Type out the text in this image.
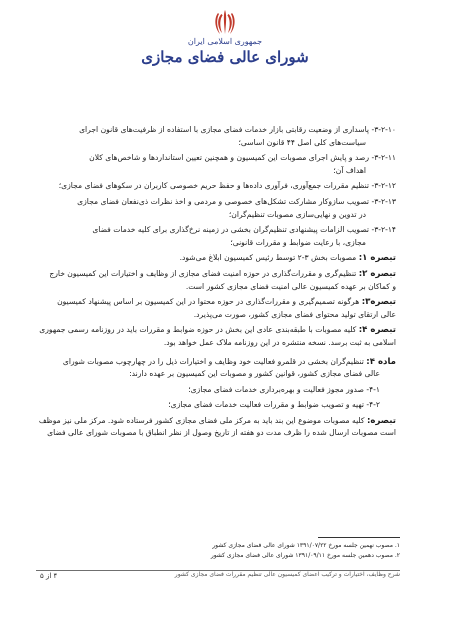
جمهوری اسلامی ایران
شورای عالی فضای مجازی

۳-۲-۱۰- پاسداری از وضعیت رقابتی بازار خدمات فضای مجازی با استفاده از ظرفیت‌های قانون اجرای
سیاست‌های کلی اصل ۴۴ قانون اساسی؛

۳-۲-۱۱- رصد و پایش اجرای مصوبات این کمیسیون و همچنین تعیین استانداردها و شاخص‌های کلان
اهداف آن؛

۳-۲-۱۲- تنظیم مقررات جمع‌آوری، فرآوری داده‌ها و حفظ حریم خصوصی کاربران در سکوهای فضای مجازی؛

۳-۲-۱۳- تصویب سازوکار مشارکت تشکل‌های خصوصی و مردمی و اخذ نظرات ذی‌نفعان فضای مجازی
در تدوین و نهایی‌سازی مصوبات تنظیم‌گران؛

۳-۲-۱۴- تصویب الزامات پیشنهادی تنظیم‌گران بخشی در زمینه نرخ‌گذاری برای کلیه خدمات فضای
مجازی، با رعایت ضوابط و مقررات قانونی؛

تبصره ۱: مصوبات بخش ۳-۲ توسط رئیس کمیسیون ابلاغ می‌شود.

تبصره ۲: تنظیم‌گری و مقررات‌گذاری در حوزه امنیت فضای مجازی از وظایف و اختیارات این کمیسیون خارج
و کماکان بر عهده کمیسیون عالی امنیت فضای مجازی کشور است.

تبصره۳: هرگونه تصمیم‌گیری و مقررات‌گذاری در حوزه محتوا در این کمیسیون بر اساس پیشنهاد کمیسیون
عالی ارتقای تولید محتوای فضای مجازی کشور، صورت می‌پذیرد.

تبصره ۴: کلیه مصوبات با طبقه‌بندی عادی این بخش در حوزه ضوابط و مقررات باید در روزنامه رسمی جمهوری
اسلامی به ثبت برسد. نسخه منتشره در این روزنامه ملاک عمل خواهد بود.

ماده ۴: تنظیم‌گران بخشی در قلمرو فعالیت خود وظایف و اختیارات ذیل را در چهارچوب مصوبات شورای
عالی فضای مجازی کشور، قوانین کشور و مصوبات این کمیسیون بر عهده دارند:

۴-۱- صدور مجوز فعالیت و بهره‌برداری خدمات فضای مجازی؛

۴-۲- تهیه و تصویب ضوابط و مقررات فعالیت خدمات فضای مجازی؛

تبصره: کلیه مصوبات موضوع این بند باید به مرکز ملی فضای مجازی کشور فرستاده شود. مرکز ملی نیز موظف
است مصوبات ارسال شده را ظرف مدت دو هفته از تاریخ وصول از نظر انطباق با مصوبات شورای عالی فضای

۱. مصوب نهمین جلسه مورخ ۱۳۹۱/۰۷/۲۲ شورای عالی فضای مجازی کشور
۲. مصوب دهمین جلسه مورخ ۱۳۹۱/۰۹/۱۱ شورای عالی فضای مجازی کشور
شرح وظایف، اختیارات و ترکیب اعضای کمیسیون عالی تنظیم مقررات فضای مجازی کشور
۴ از ۵
